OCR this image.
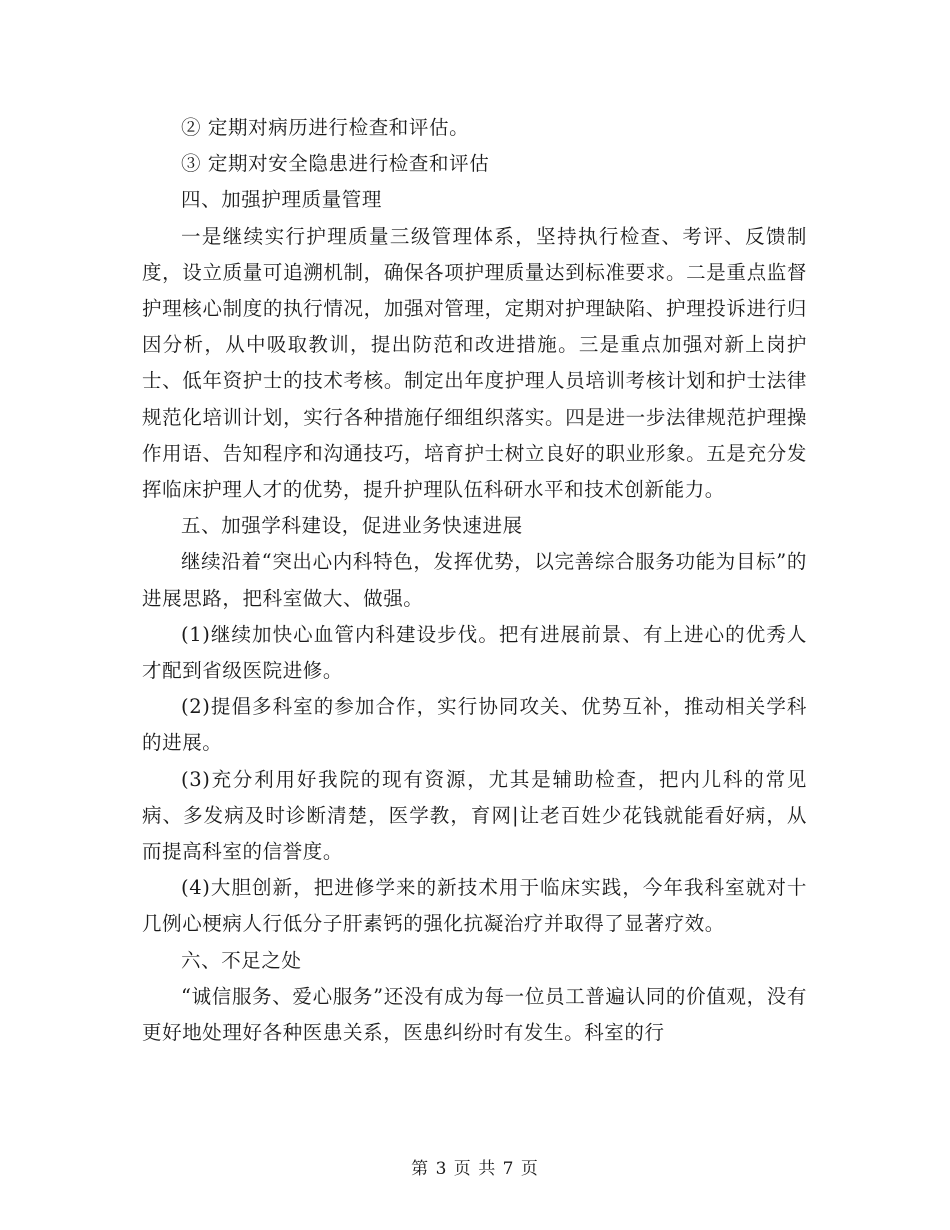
② 定期对病历进行检查和评估。

③ 定期对安全隐患进行检查和评估

四、加强护理质量管理

一是继续实行护理质量三级管理体系，坚持执行检查、考评、反馈制度，设立质量可追溯机制，确保各项护理质量达到标准要求。二是重点监督护理核心制度的执行情况，加强对管理，定期对护理缺陷、护理投诉进行归因分析，从中吸取教训，提出防范和改进措施。三是重点加强对新上岗护士、低年资护士的技术考核。制定出年度护理人员培训考核计划和护士法律规范化培训计划，实行各种措施仔细组织落实。四是进一步法律规范护理操作用语、告知程序和沟通技巧，培育护士树立良好的职业形象。五是充分发挥临床护理人才的优势，提升护理队伍科研水平和技术创新能力。

五、加强学科建设，促进业务快速进展

继续沿着“突出心内科特色，发挥优势，以完善综合服务功能为目标”的进展思路，把科室做大、做强。

(1)继续加快心血管内科建设步伐。把有进展前景、有上进心的优秀人才配到省级医院进修。

(2)提倡多科室的参加合作，实行协同攻关、优势互补，推动相关学科的进展。

(3)充分利用好我院的现有资源，尤其是辅助检查，把内儿科的常见病、多发病及时诊断清楚，医学教，育网|让老百姓少花钱就能看好病，从而提高科室的信誉度。

(4)大胆创新，把进修学来的新技术用于临床实践，今年我科室就对十几例心梗病人行低分子肝素钙的强化抗凝治疗并取得了显著疗效。

六、不足之处

“诚信服务、爱心服务”还没有成为每一位员工普遍认同的价值观，没有更好地处理好各种医患关系，医患纠纷时有发生。科室的行

第 3 页 共 7 页
